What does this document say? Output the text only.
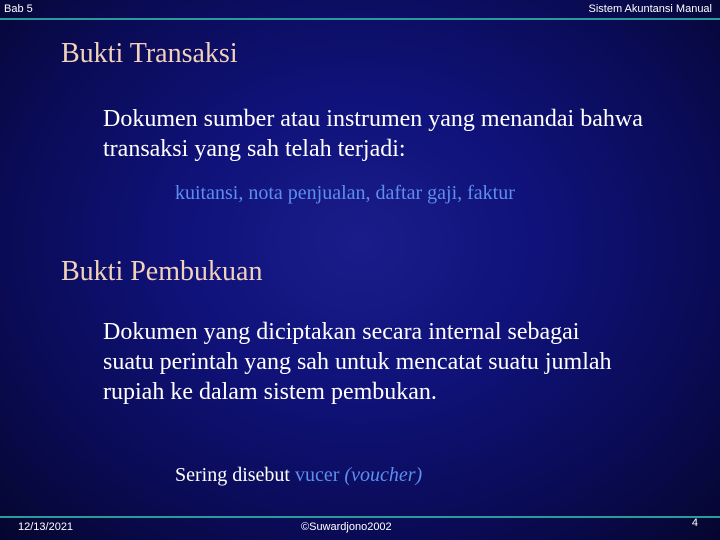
Bab 5	Sistem Akuntansi Manual
Bukti Transaksi
Dokumen sumber atau instrumen yang menandai bahwa transaksi yang sah telah terjadi:
kuitansi, nota penjualan, daftar gaji, faktur
Bukti Pembukuan
Dokumen yang diciptakan secara internal sebagai suatu perintah yang sah untuk mencatat suatu jumlah rupiah ke dalam sistem pembukan.
Sering disebut vucer (voucher)
12/13/2021	©Suwardjono2002	4
